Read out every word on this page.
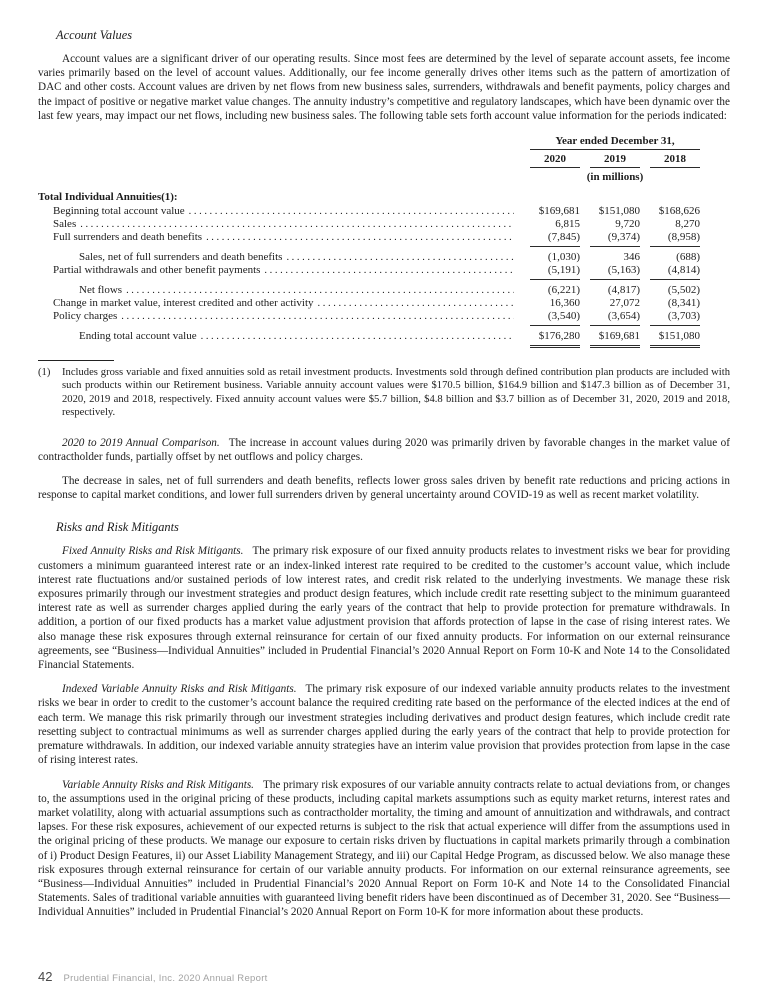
Account Values

Account values are a significant driver of our operating results. Since most fees are determined by the level of separate account assets, fee income varies primarily based on the level of account values. Additionally, our fee income generally drives other items such as the pattern of amortization of DAC and other costs. Account values are driven by net flows from new business sales, surrenders, withdrawals and benefit payments, policy charges and the impact of positive or negative market value changes. The annuity industry’s competitive and regulatory landscapes, which have been dynamic over the last few years, may impact our net flows, including new business sales. The following table sets forth account value information for the periods indicated:

Year ended December 31,
2020	2019	2018
(in millions)
Total Individual Annuities(1):
Beginning total account value .....	$169,681	$151,080	$168,626
Sales .....	6,815	9,720	8,270
Full surrenders and death benefits .....	(7,845)	(9,374)	(8,958)
Sales, net of full surrenders and death benefits .....	(1,030)	346	(688)
Partial withdrawals and other benefit payments .....	(5,191)	(5,163)	(4,814)
Net flows .....	(6,221)	(4,817)	(5,502)
Change in market value, interest credited and other activity .....	16,360	27,072	(8,341)
Policy charges .....	(3,540)	(3,654)	(3,703)
Ending total account value .....	$176,280	$169,681	$151,080
(1)	Includes gross variable and fixed annuities sold as retail investment products. Investments sold through defined contribution plan products are included with such products within our Retirement business. Variable annuity account values were $170.5 billion, $164.9 billion and $147.3 billion as of December 31, 2020, 2019 and 2018, respectively. Fixed annuity account values were $5.7 billion, $4.8 billion and $3.7 billion as of December 31, 2020, 2019 and 2018, respectively.

2020 to 2019 Annual Comparison. The increase in account values during 2020 was primarily driven by favorable changes in the market value of contractholder funds, partially offset by net outflows and policy charges.

The decrease in sales, net of full surrenders and death benefits, reflects lower gross sales driven by benefit rate reductions and pricing actions in response to capital market conditions, and lower full surrenders driven by general uncertainty around COVID-19 as well as recent market volatility.

Risks and Risk Mitigants

Fixed Annuity Risks and Risk Mitigants. The primary risk exposure of our fixed annuity products relates to investment risks we bear for providing customers a minimum guaranteed interest rate or an index-linked interest rate required to be credited to the customer’s account value, which include interest rate fluctuations and/or sustained periods of low interest rates, and credit risk related to the underlying investments. We manage these risk exposures primarily through our investment strategies and product design features, which include credit rate resetting subject to the minimum guaranteed interest rate as well as surrender charges applied during the early years of the contract that help to provide protection for premature withdrawals. In addition, a portion of our fixed products has a market value adjustment provision that affords protection of lapse in the case of rising interest rates. We also manage these risk exposures through external reinsurance for certain of our fixed annuity products. For information on our external reinsurance agreements, see “Business—Individual Annuities” included in Prudential Financial’s 2020 Annual Report on Form 10-K and Note 14 to the Consolidated Financial Statements.

Indexed Variable Annuity Risks and Risk Mitigants. The primary risk exposure of our indexed variable annuity products relates to the investment risks we bear in order to credit to the customer’s account balance the required crediting rate based on the performance of the elected indices at the end of each term. We manage this risk primarily through our investment strategies including derivatives and product design features, which include credit rate resetting subject to contractual minimums as well as surrender charges applied during the early years of the contract that help to provide protection for premature withdrawals. In addition, our indexed variable annuity strategies have an interim value provision that provides protection from lapse in the case of rising interest rates.

Variable Annuity Risks and Risk Mitigants. The primary risk exposures of our variable annuity contracts relate to actual deviations from, or changes to, the assumptions used in the original pricing of these products, including capital markets assumptions such as equity market returns, interest rates and market volatility, along with actuarial assumptions such as contractholder mortality, the timing and amount of annuitization and withdrawals, and contract lapses. For these risk exposures, achievement of our expected returns is subject to the risk that actual experience will differ from the assumptions used in the original pricing of these products. We manage our exposure to certain risks driven by fluctuations in capital markets primarily through a combination of i) Product Design Features, ii) our Asset Liability Management Strategy, and iii) our Capital Hedge Program, as discussed below. We also manage these risk exposures through external reinsurance for certain of our variable annuity products. For information on our external reinsurance agreements, see “Business—Individual Annuities” included in Prudential Financial’s 2020 Annual Report on Form 10-K and Note 14 to the Consolidated Financial Statements. Sales of traditional variable annuities with guaranteed living benefit riders have been discontinued as of December 31, 2020. See “Business—Individual Annuities” included in Prudential Financial’s 2020 Annual Report on Form 10-K for more information about these products.

42 Prudential Financial, Inc. 2020 Annual Report
